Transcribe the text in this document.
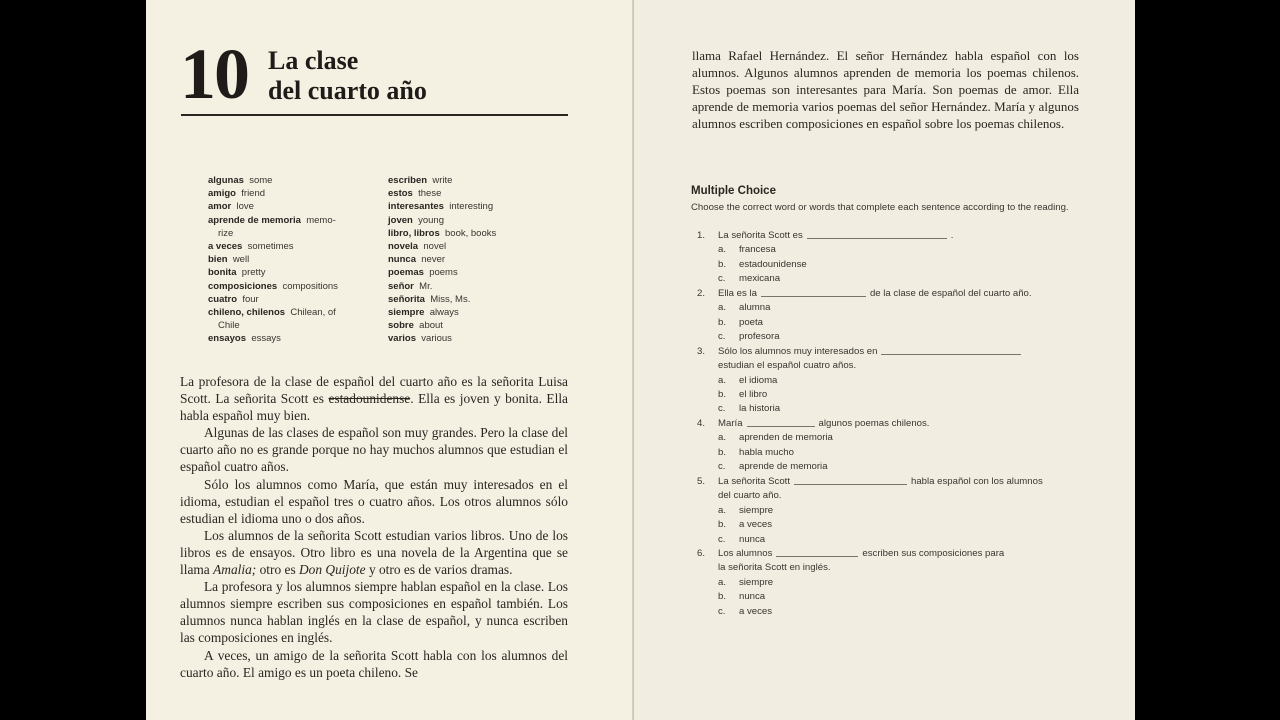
10 La clase
del cuarto año
algunas some
amigo friend
amor love
aprende de memoria memo-
rize
a veces sometimes
bien well
bonita pretty
composiciones compositions
cuatro four
chileno, chilenos Chilean, of
Chile
ensayos essays
escriben write
estos these
interesantes interesting
joven young
libro, libros book, books
novela novel
nunca never
poemas poems
señor Mr.
señorita Miss, Ms.
siempre always
sobre about
varios various

La profesora de la clase de español del cuarto año es la señorita Luisa Scott. La señorita Scott es estadounidense. Ella es joven y bonita. Ella habla español muy bien.

Algunas de las clases de español son muy grandes. Pero la clase del cuarto año no es grande porque no hay muchos alumnos que estudian el español cuatro años.

Sólo los alumnos como María, que están muy interesados en el idioma, estudian el español tres o cuatro años. Los otros alumnos sólo estudian el idioma uno o dos años.

Los alumnos de la señorita Scott estudian varios libros. Uno de los libros es de ensayos. Otro libro es una novela de la Argentina que se llama Amalia; otro es Don Quijote y otro es de varios dramas.

La profesora y los alumnos siempre hablan español en la clase. Los alumnos siempre escriben sus composiciones en español también. Los alumnos nunca hablan inglés en la clase de español, y nunca escriben las composiciones en inglés.

A veces, un amigo de la señorita Scott habla con los alumnos del cuarto año. El amigo es un poeta chileno. Se

llama Rafael Hernández. El señor Hernández habla español con los alumnos. Algunos alumnos aprenden de memoria los poemas chilenos. Estos poemas son interesantes para María. Son poemas de amor. Ella aprende de memoria varios poemas del señor Hernández. María y algunos alumnos escriben composiciones en español sobre los poemas chilenos.
Multiple Choice
Choose the correct word or words that complete each sentence according to the reading.
1.	La señorita Scott es	.
a. francesa
b. estadounidense
c. mexicana
2.	Ella es la	de la clase de español del cuarto año.
a. alumna
b. poeta
c. profesora
3.	Sólo los alumnos muy interesados en
estudian el español cuatro años.
a. el idioma
b. el libro
c. la historia
4.	María	algunos poemas chilenos.
a. aprenden de memoria
b. habla mucho
c. aprende de memoria
5.	La señorita Scott	habla español con los alumnos
del cuarto año.
a. siempre
b. a veces
c. nunca
6.	Los alumnos	escriben sus composiciones para
la señorita Scott en inglés.
a. siempre
b. nunca
c. a veces
